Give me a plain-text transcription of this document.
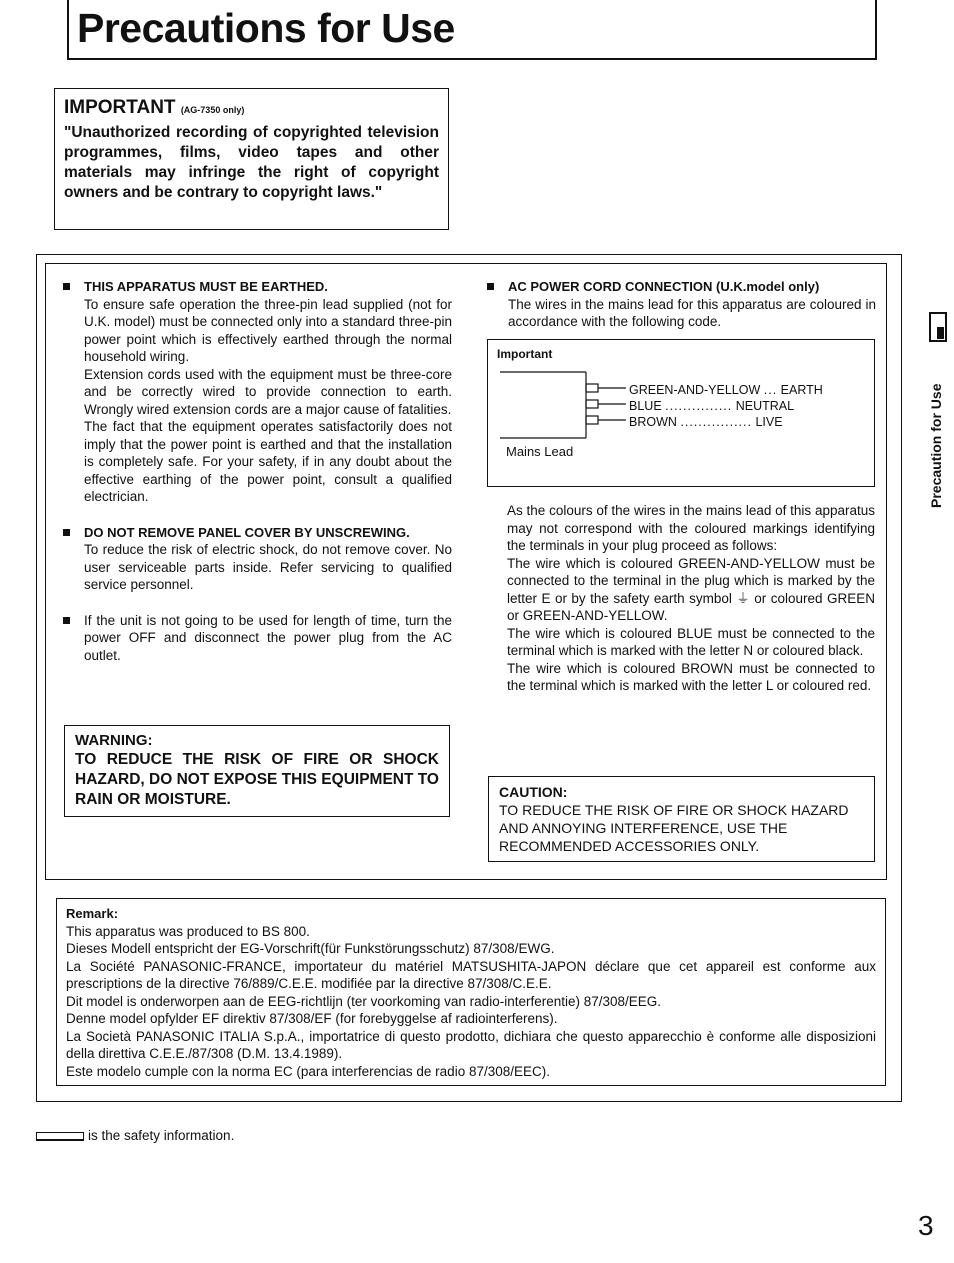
Precautions for Use
IMPORTANT (AG-7350 only)
"Unauthorized recording of copyrighted television programmes, films, video tapes and other materials may infringe the right of copyright owners and be contrary to copyright laws."
THIS APPARATUS MUST BE EARTHED.
To ensure safe operation the three-pin lead supplied (not for U.K. model) must be connected only into a standard three-pin power point which is effectively earthed through the normal household wiring.
Extension cords used with the equipment must be three-core and be correctly wired to provide connection to earth. Wrongly wired extension cords are a major cause of fatalities.
The fact that the equipment operates satisfactorily does not imply that the power point is earthed and that the installation is completely safe. For your safety, if in any doubt about the effective earthing of the power point, consult a qualified electrician.
DO NOT REMOVE PANEL COVER BY UNSCREWING.
To reduce the risk of electric shock, do not remove cover. No user serviceable parts inside. Refer servicing to qualified service personnel.
If the unit is not going to be used for length of time, turn the power OFF and disconnect the power plug from the AC outlet.
WARNING:
TO REDUCE THE RISK OF FIRE OR SHOCK HAZARD, DO NOT EXPOSE THIS EQUIPMENT TO RAIN OR MOISTURE.
AC POWER CORD CONNECTION (U.K.model only)
The wires in the mains lead for this apparatus are coloured in accordance with the following code.
Important
GREEN-AND-YELLOW ... EARTH
BLUE ............... NEUTRAL
BROWN ................ LIVE
Mains Lead
As the colours of the wires in the mains lead of this apparatus may not correspond with the coloured markings identifying the terminals in your plug proceed as follows:
The wire which is coloured GREEN-AND-YELLOW must be connected to the terminal in the plug which is marked by the letter E or by the safety earth symbol ⏚ or coloured GREEN or GREEN-AND-YELLOW.
The wire which is coloured BLUE must be connected to the terminal which is marked with the letter N or coloured black.
The wire which is coloured BROWN must be connected to the terminal which is marked with the letter L or coloured red.
CAUTION:
TO REDUCE THE RISK OF FIRE OR SHOCK HAZARD AND ANNOYING INTERFERENCE, USE THE RECOMMENDED ACCESSORIES ONLY.
Remark:
This apparatus was produced to BS 800.
Dieses Modell entspricht der EG-Vorschrift(für Funkstörungsschutz) 87/308/EWG.
La Société PANASONIC-FRANCE, importateur du matériel MATSUSHITA-JAPON déclare que cet appareil est conforme aux prescriptions de la directive 76/889/C.E.E. modifiée par la directive 87/308/C.E.E.
Dit model is onderworpen aan de EEG-richtlijn (ter voorkoming van radio-interferentie) 87/308/EEG.
Denne model opfylder EF direktiv 87/308/EF (for forebyggelse af radiointerferens).
La Società PANASONIC ITALIA S.p.A., importatrice di questo prodotto, dichiara che questo apparecchio è conforme alle disposizioni della direttiva C.E.E./87/308 (D.M. 13.4.1989).
Este modelo cumple con la norma EC (para interferencias de radio 87/308/EEC).
is the safety information.
Precaution for Use
3
